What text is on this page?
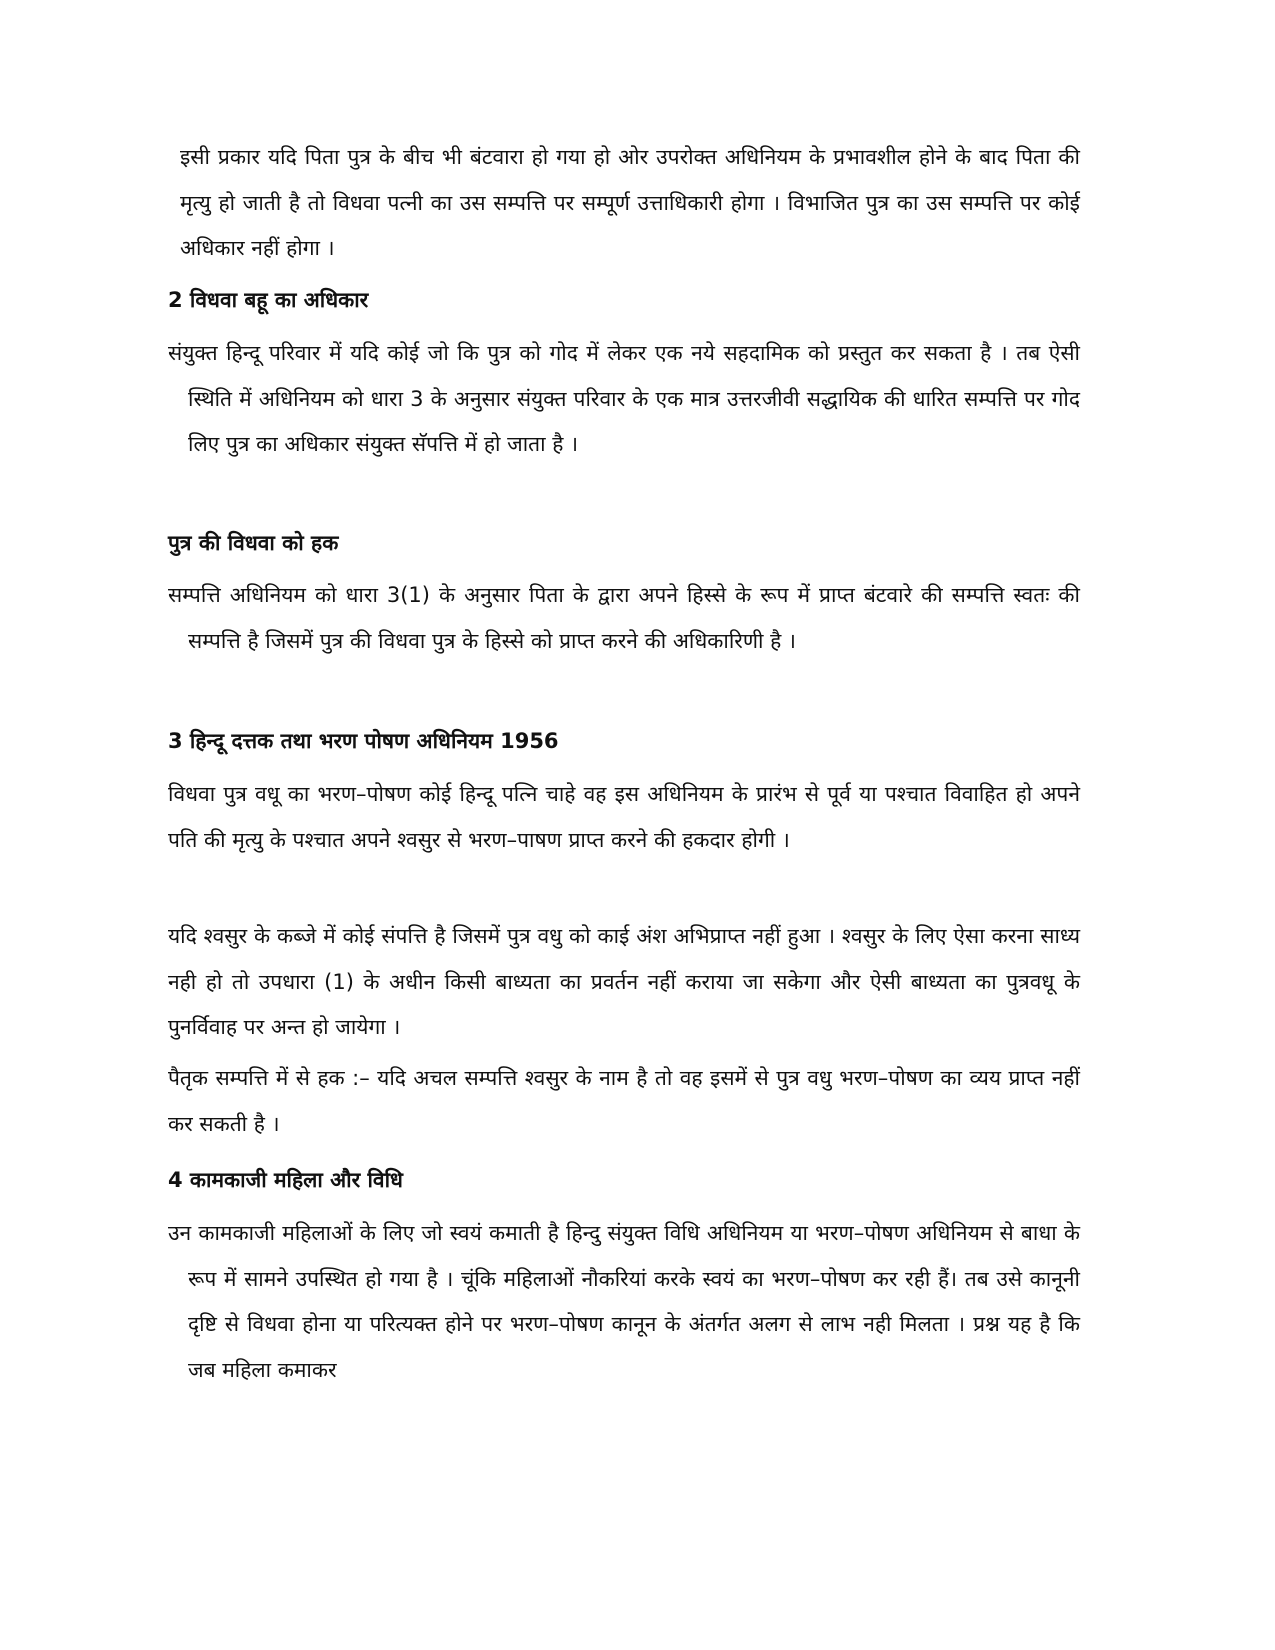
इसी प्रकार यदि पिता पुत्र के बीच भी बंटवारा हो गया हो ओर उपरोक्त अधिनियम के प्रभावशील होने के बाद पिता की मृत्यु हो जाती है तो विधवा पत्नी का उस सम्पत्ति पर सम्पूर्ण उत्ताधिकारी होगा । विभाजित पुत्र का उस सम्पत्ति पर कोई अधिकार नहीं होगा ।

2 विधवा बहू का अधिकार

संयुक्त हिन्दू परिवार में यदि कोई जो कि पुत्र को गोद में लेकर एक नये सहदामिक को प्रस्तुत कर सकता है । तब ऐसी स्थिति में अधिनियम को धारा 3 के अनुसार संयुक्त परिवार के एक मात्र उत्तरजीवी सद्धायिक की धारित सम्पत्ति पर गोद लिए पुत्र का अधिकार संयुक्त सॅपत्ति में हो जाता है ।

पुत्र की विधवा को हक

सम्पत्ति अधिनियम को धारा 3(1) के अनुसार पिता के द्वारा अपने हिस्से के रूप में प्राप्त बंटवारे की सम्पत्ति स्वतः की सम्पत्ति है जिसमें पुत्र की विधवा पुत्र के हिस्से को प्राप्त करने की अधिकारिणी है ।

3 हिन्दू दत्तक तथा भरण पोषण अधिनियम 1956

विधवा पुत्र वधू का भरण–पोषण कोई हिन्दू पत्नि चाहे वह इस अधिनियम के प्रारंभ से पूर्व या पश्चात विवाहित हो अपने पति की मृत्यु के पश्चात अपने श्वसुर से भरण–पाषण प्राप्त करने की हकदार होगी ।

यदि श्वसुर के कब्जे में कोई संपत्ति है जिसमें पुत्र वधु को काई अंश अभिप्राप्त नहीं हुआ । श्वसुर के लिए ऐसा करना साध्य नही हो तो उपधारा (1) के अधीन किसी बाध्यता का प्रवर्तन नहीं कराया जा सकेगा और ऐसी बाध्यता का पुत्रवधू के पुनर्विवाह पर अन्त हो जायेगा ।

पैतृक सम्पत्ति में से हक :– यदि अचल सम्पत्ति श्वसुर के नाम है तो वह इसमें से पुत्र वधु भरण–पोषण का व्यय प्राप्त नहीं कर सकती है ।

4 कामकाजी महिला और विधि

उन कामकाजी महिलाओं के लिए जो स्वयं कमाती है हिन्दु संयुक्त विधि अधिनियम या भरण–पोषण अधिनियम से बाधा के रूप में सामने उपस्थित हो गया है । चूंकि महिलाओं नौकरियां करके स्वयं का भरण–पोषण कर रही हैं। तब उसे कानूनी दृष्टि से विधवा होना या परित्यक्त होने पर भरण–पोषण कानून के अंतर्गत अलग से लाभ नही मिलता । प्रश्न यह है कि जब महिला कमाकर
